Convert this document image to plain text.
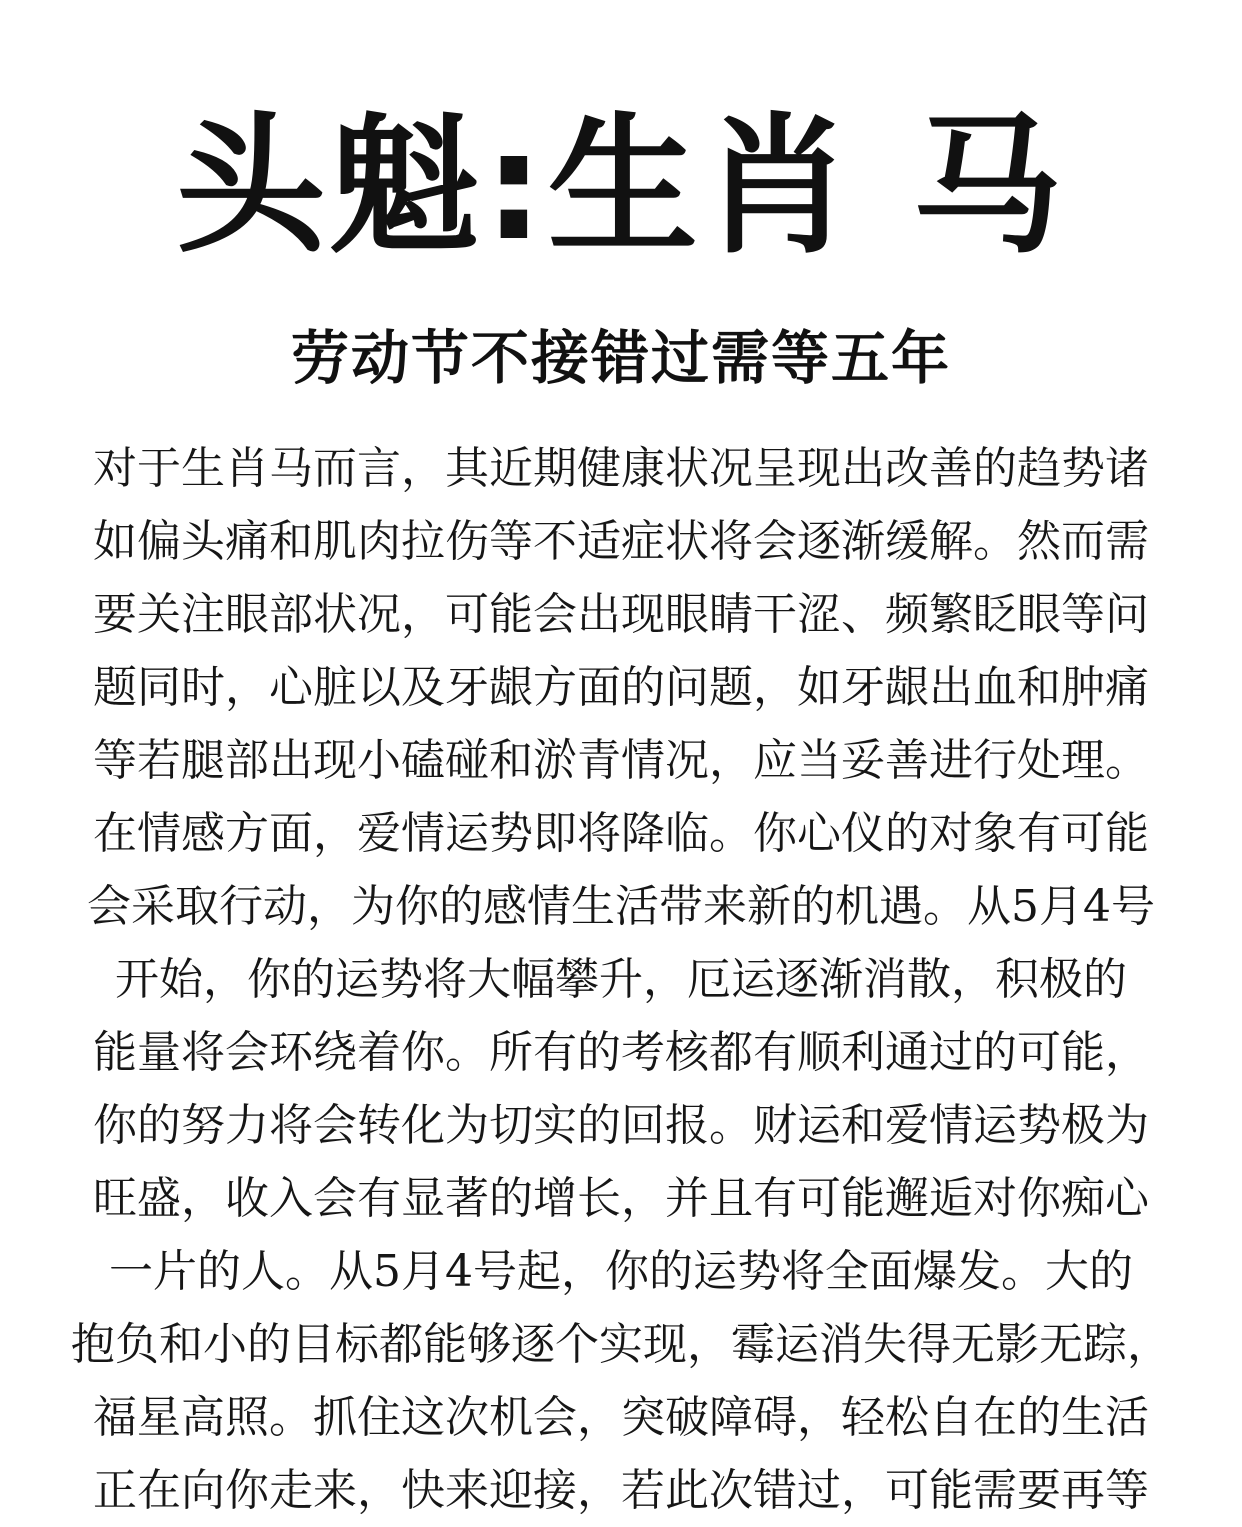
头魁:生肖 马
劳动节不接错过需等五年
对于生肖马而言，其近期健康状况呈现出改善的趋势诸
如偏头痛和肌肉拉伤等不适症状将会逐渐缓解。然而需
要关注眼部状况，可能会出现眼睛干涩、频繁眨眼等问
题同时，心脏以及牙龈方面的问题，如牙龈出血和肿痛
等若腿部出现小磕碰和淤青情况，应当妥善进行处理。
在情感方面，爱情运势即将降临。你心仪的对象有可能
会采取行动，为你的感情生活带来新的机遇。从5月4号
开始，你的运势将大幅攀升，厄运逐渐消散，积极的
能量将会环绕着你。所有的考核都有顺利通过的可能，
你的努力将会转化为切实的回报。财运和爱情运势极为
旺盛，收入会有显著的增长，并且有可能邂逅对你痴心
一片的人。从5月4号起，你的运势将全面爆发。大的
抱负和小的目标都能够逐个实现，霉运消失得无影无踪，
福星高照。抓住这次机会，突破障碍，轻松自在的生活
正在向你走来，快来迎接，若此次错过，可能需要再等
